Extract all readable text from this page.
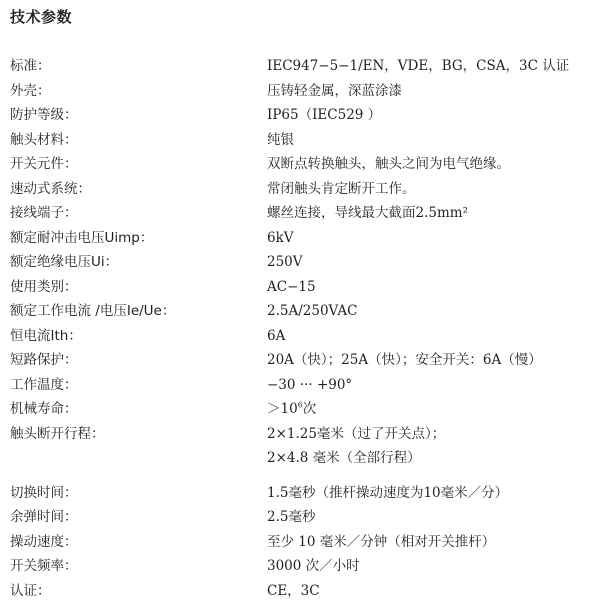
技术参数
标准：	IEC947−5−1/EN，VDE，BG，CSA，3C 认证
外壳：	压铸轻金属，深蓝涂漆
防护等级：	IP65（IEC529 ）
触头材料：	纯银
开关元件：	双断点转换触头，触头之间为电气绝缘。
速动式系统：	常闭触头肯定断开工作。
接线端子：	螺丝连接，导线最大截面2.5mm²
额定耐冲击电压Uimp：	6kV
额定绝缘电压Ui：	250V
使用类别：	AC−15
额定工作电流 /电压Ie/Ue：	2.5A/250VAC
恒电流Ith：	6A
短路保护：	20A（快）；25A（快）；安全开关：6A（慢）
工作温度：	−30 ··· +90°
机械寿命：	$>10^6$次
触头断开行程：	2×1.25毫米（过了开关点）；
2×4.8 毫米（全部行程）
切换时间：	1.5毫秒（推杆操动速度为10毫米／分）
余弹时间：	2.5毫秒
操动速度：	至少 10 毫米／分钟（相对开关推杆）
开关频率：	3000 次／小时
认证：	CE，3C
